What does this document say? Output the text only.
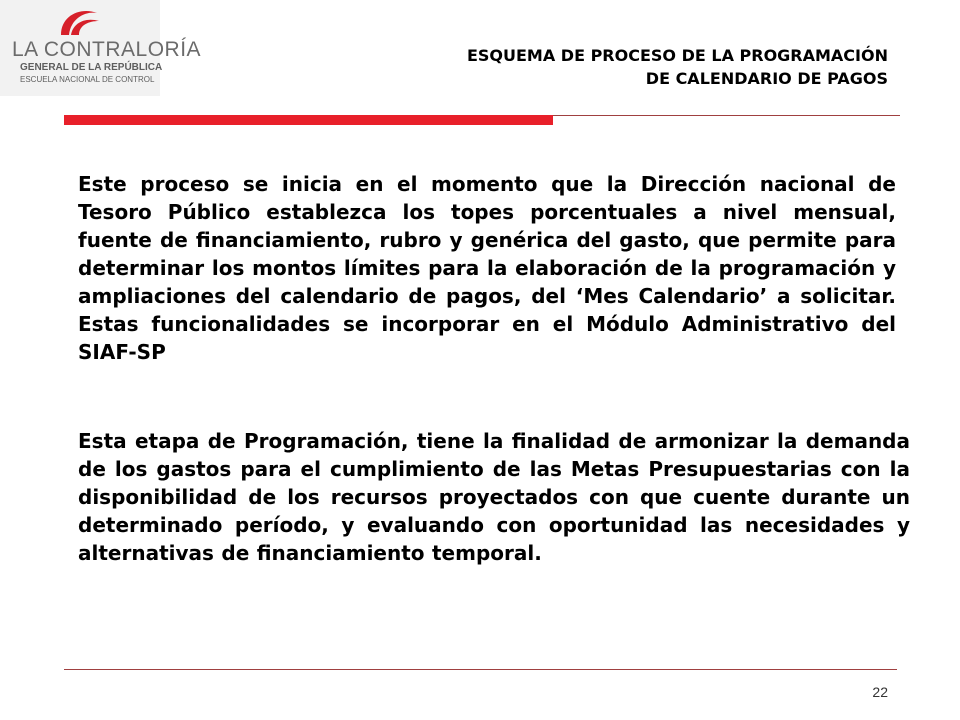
LA CONTRALORÍA
GENERAL DE LA REPÚBLICA
ESCUELA NACIONAL DE CONTROL
ESQUEMA DE PROCESO DE LA PROGRAMACIÓN
DE CALENDARIO DE PAGOS

Este proceso se inicia en el momento que la Dirección nacional de Tesoro Público establezca los topes porcentuales a nivel mensual, fuente de financiamiento, rubro y genérica del gasto, que permite para determinar los montos límites para la elaboración de la programación y ampliaciones del calendario de pagos, del ‘Mes Calendario’ a solicitar. Estas funcionalidades se incorporar en el Módulo Administrativo del SIAF-SP

Esta etapa de Programación, tiene la finalidad de armonizar la demanda de los gastos para el cumplimiento de las Metas Presupuestarias con la disponibilidad de los recursos proyectados con que cuente durante un determinado período, y evaluando con oportunidad las necesidades y alternativas de financiamiento temporal.

22
